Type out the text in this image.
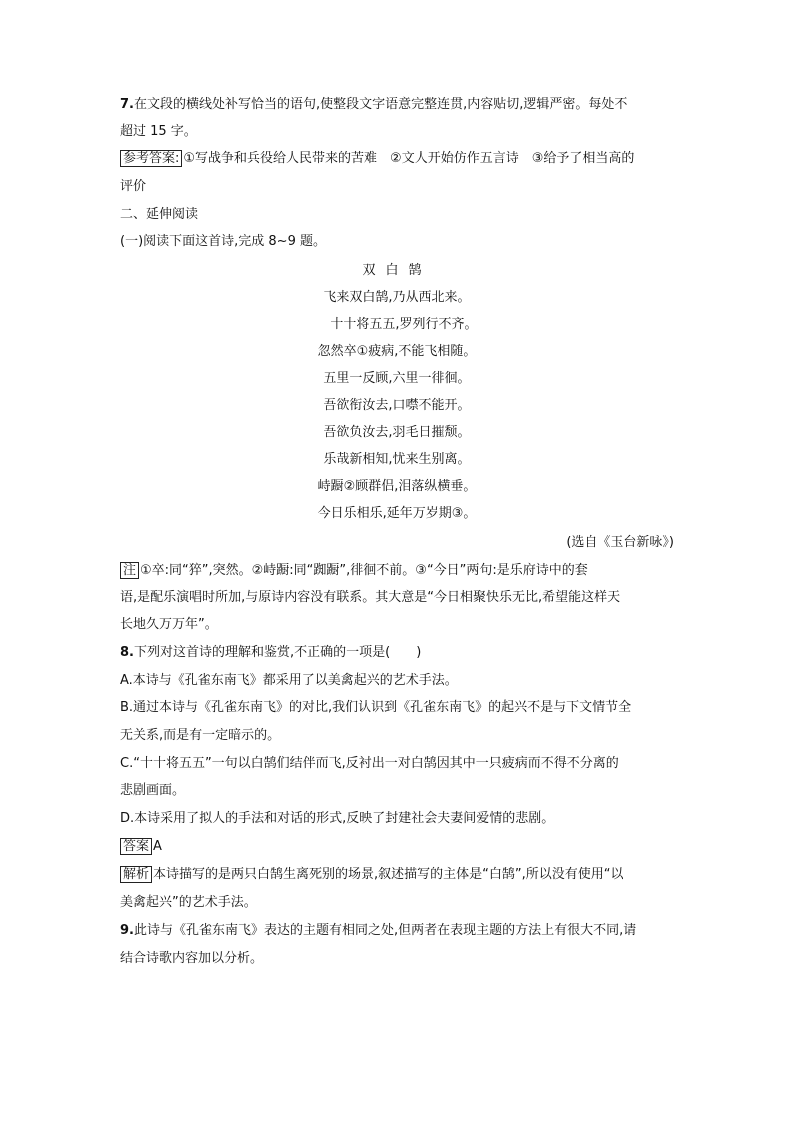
7.在文段的横线处补写恰当的语句,使整段文字语意完整连贯,内容贴切,逻辑严密。每处不
超过 15 字。
参考答案: ①写战争和兵役给人民带来的苦难　②文人开始仿作五言诗　③给予了相当高的
评价
二、延伸阅读
(一)阅读下面这首诗,完成 8~9 题。
双白鹄
飞来双白鹄,乃从西北来。
十十将五五,罗列行不齐。
忽然卒①疲病,不能飞相随。
五里一反顾,六里一徘徊。
吾欲衔汝去,口噤不能开。
吾欲负汝去,羽毛日摧颓。
乐哉新相知,忧来生别离。
峙蹰②顾群侣,泪落纵横垂。
今日乐相乐,延年万岁期③。
(选自《玉台新咏》)
注 ①卒:同“猝”,突然。②峙蹰:同“踟蹰”,徘徊不前。③“今日”两句:是乐府诗中的套
语,是配乐演唱时所加,与原诗内容没有联系。其大意是“今日相聚快乐无比,希望能这样天
长地久万万年”。
8.下列对这首诗的理解和鉴赏,不正确的一项是(　　)
A.本诗与《孔雀东南飞》都采用了以美禽起兴的艺术手法。
B.通过本诗与《孔雀东南飞》的对比,我们认识到《孔雀东南飞》的起兴不是与下文情节全
无关系,而是有一定暗示的。
C.“十十将五五”一句以白鹄们结伴而飞,反衬出一对白鹄因其中一只疲病而不得不分离的
悲剧画面。
D.本诗采用了拟人的手法和对话的形式,反映了封建社会夫妻间爱情的悲剧。
答案 A
解析 本诗描写的是两只白鹄生离死别的场景,叙述描写的主体是“白鹄”,所以没有使用“以
美禽起兴”的艺术手法。
9.此诗与《孔雀东南飞》表达的主题有相同之处,但两者在表现主题的方法上有很大不同,请
结合诗歌内容加以分析。
